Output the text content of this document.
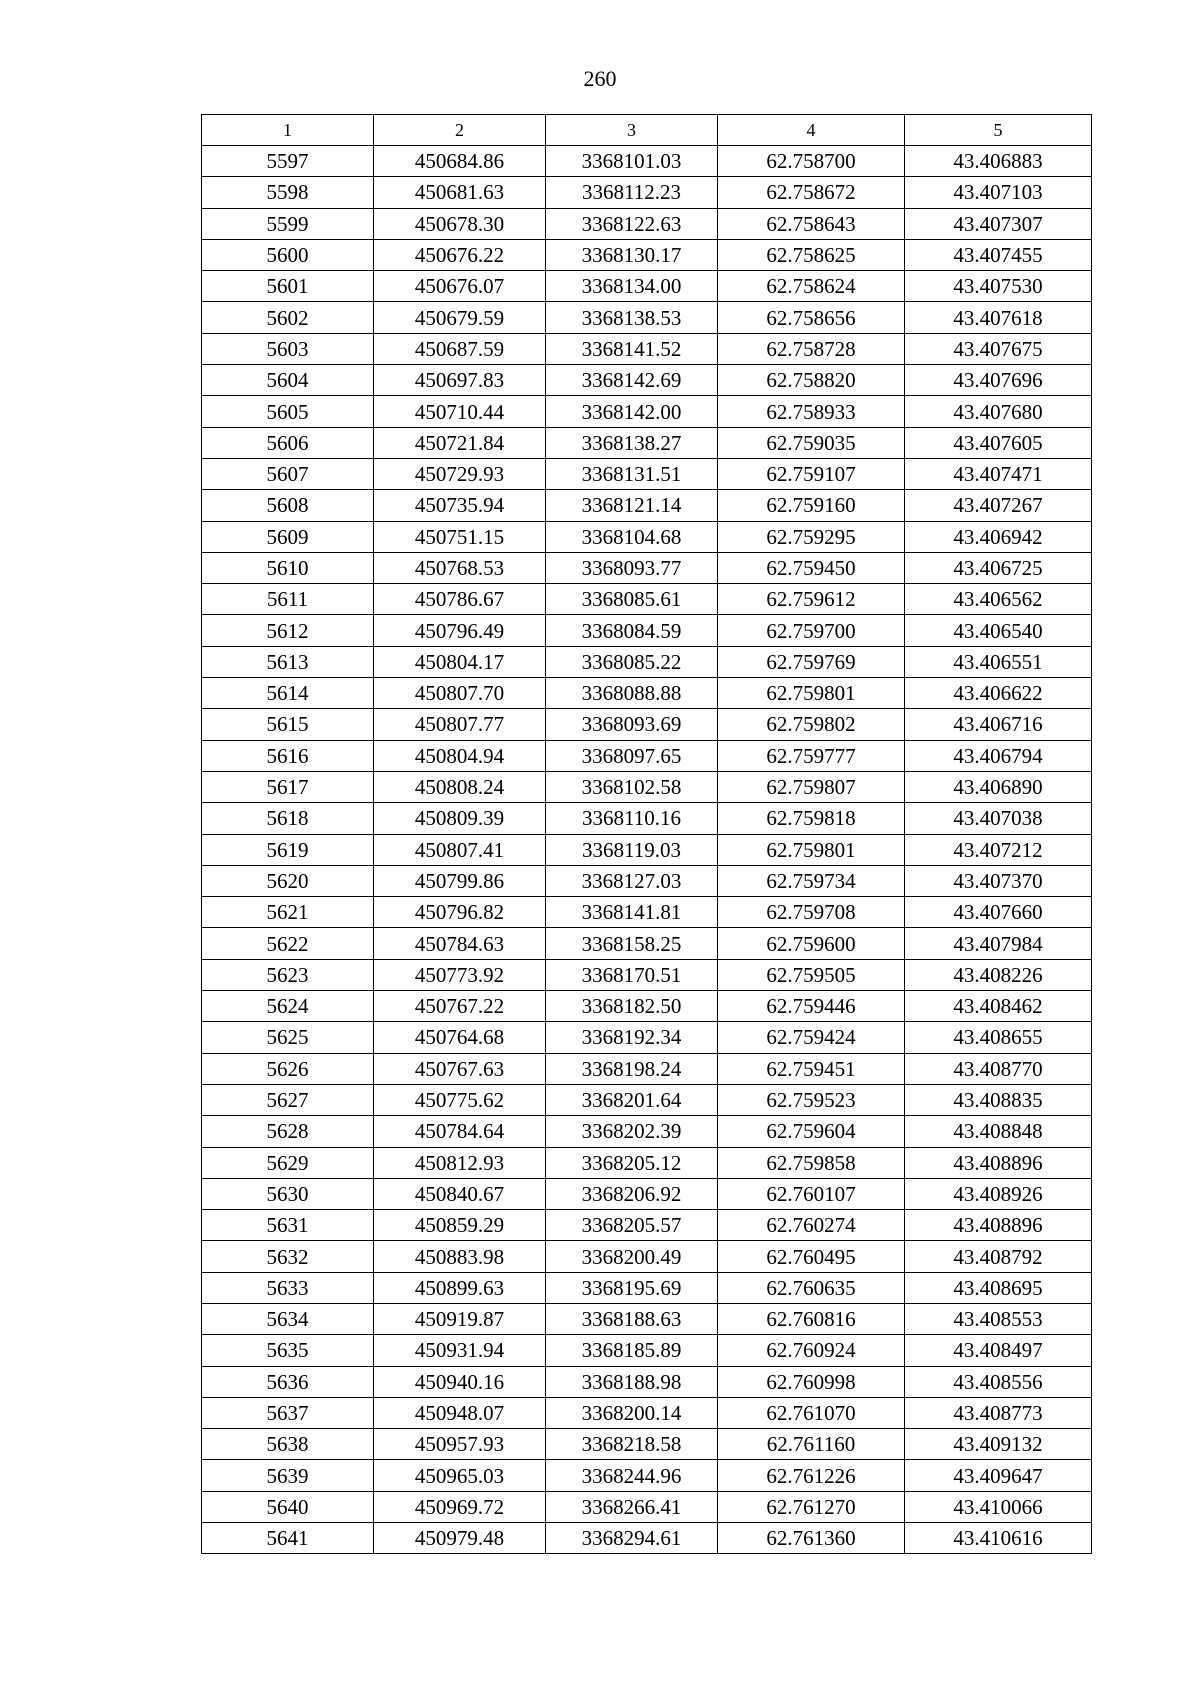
260
1	2	3	4	5
5597	450684.86	3368101.03	62.758700	43.406883
5598	450681.63	3368112.23	62.758672	43.407103
5599	450678.30	3368122.63	62.758643	43.407307
5600	450676.22	3368130.17	62.758625	43.407455
5601	450676.07	3368134.00	62.758624	43.407530
5602	450679.59	3368138.53	62.758656	43.407618
5603	450687.59	3368141.52	62.758728	43.407675
5604	450697.83	3368142.69	62.758820	43.407696
5605	450710.44	3368142.00	62.758933	43.407680
5606	450721.84	3368138.27	62.759035	43.407605
5607	450729.93	3368131.51	62.759107	43.407471
5608	450735.94	3368121.14	62.759160	43.407267
5609	450751.15	3368104.68	62.759295	43.406942
5610	450768.53	3368093.77	62.759450	43.406725
5611	450786.67	3368085.61	62.759612	43.406562
5612	450796.49	3368084.59	62.759700	43.406540
5613	450804.17	3368085.22	62.759769	43.406551
5614	450807.70	3368088.88	62.759801	43.406622
5615	450807.77	3368093.69	62.759802	43.406716
5616	450804.94	3368097.65	62.759777	43.406794
5617	450808.24	3368102.58	62.759807	43.406890
5618	450809.39	3368110.16	62.759818	43.407038
5619	450807.41	3368119.03	62.759801	43.407212
5620	450799.86	3368127.03	62.759734	43.407370
5621	450796.82	3368141.81	62.759708	43.407660
5622	450784.63	3368158.25	62.759600	43.407984
5623	450773.92	3368170.51	62.759505	43.408226
5624	450767.22	3368182.50	62.759446	43.408462
5625	450764.68	3368192.34	62.759424	43.408655
5626	450767.63	3368198.24	62.759451	43.408770
5627	450775.62	3368201.64	62.759523	43.408835
5628	450784.64	3368202.39	62.759604	43.408848
5629	450812.93	3368205.12	62.759858	43.408896
5630	450840.67	3368206.92	62.760107	43.408926
5631	450859.29	3368205.57	62.760274	43.408896
5632	450883.98	3368200.49	62.760495	43.408792
5633	450899.63	3368195.69	62.760635	43.408695
5634	450919.87	3368188.63	62.760816	43.408553
5635	450931.94	3368185.89	62.760924	43.408497
5636	450940.16	3368188.98	62.760998	43.408556
5637	450948.07	3368200.14	62.761070	43.408773
5638	450957.93	3368218.58	62.761160	43.409132
5639	450965.03	3368244.96	62.761226	43.409647
5640	450969.72	3368266.41	62.761270	43.410066
5641	450979.48	3368294.61	62.761360	43.410616
